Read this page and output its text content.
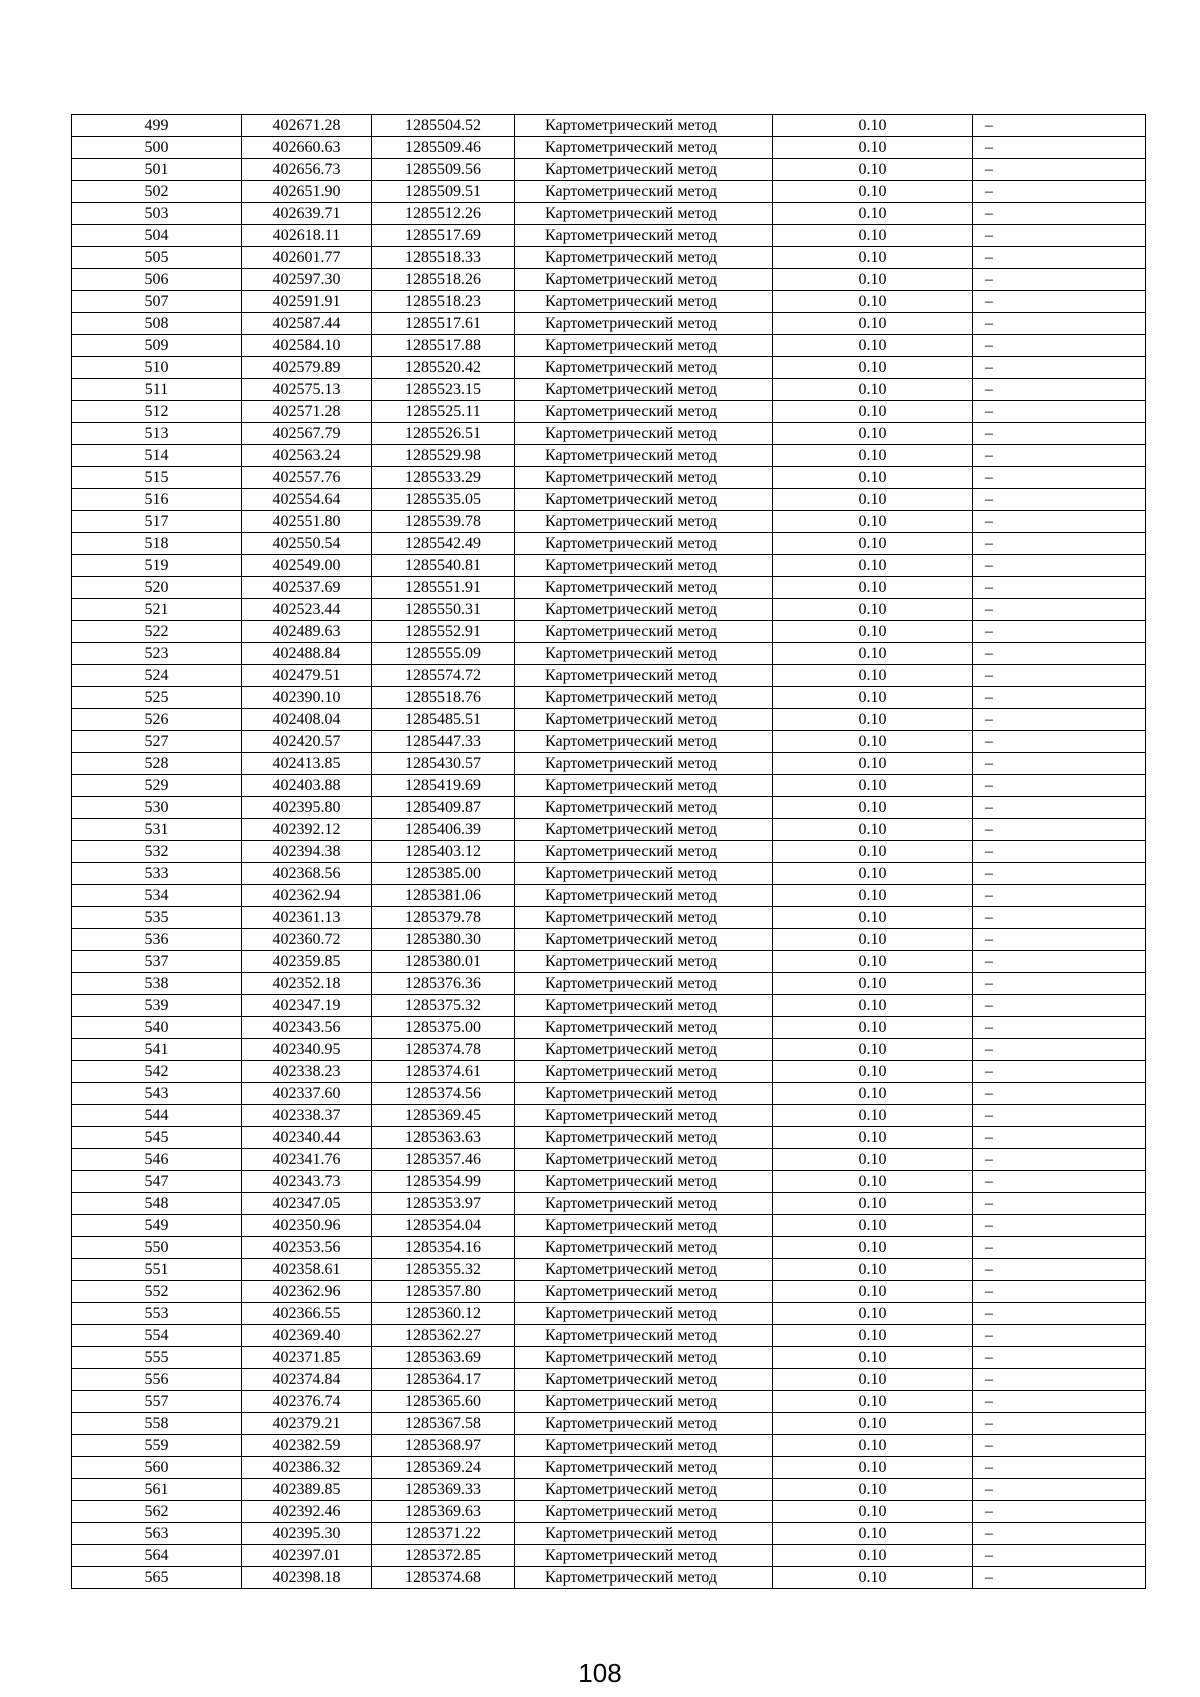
499	402671.28	1285504.52	Картометрический метод	0.10	–
500	402660.63	1285509.46	Картометрический метод	0.10	–
501	402656.73	1285509.56	Картометрический метод	0.10	–
502	402651.90	1285509.51	Картометрический метод	0.10	–
503	402639.71	1285512.26	Картометрический метод	0.10	–
504	402618.11	1285517.69	Картометрический метод	0.10	–
505	402601.77	1285518.33	Картометрический метод	0.10	–
506	402597.30	1285518.26	Картометрический метод	0.10	–
507	402591.91	1285518.23	Картометрический метод	0.10	–
508	402587.44	1285517.61	Картометрический метод	0.10	–
509	402584.10	1285517.88	Картометрический метод	0.10	–
510	402579.89	1285520.42	Картометрический метод	0.10	–
511	402575.13	1285523.15	Картометрический метод	0.10	–
512	402571.28	1285525.11	Картометрический метод	0.10	–
513	402567.79	1285526.51	Картометрический метод	0.10	–
514	402563.24	1285529.98	Картометрический метод	0.10	–
515	402557.76	1285533.29	Картометрический метод	0.10	–
516	402554.64	1285535.05	Картометрический метод	0.10	–
517	402551.80	1285539.78	Картометрический метод	0.10	–
518	402550.54	1285542.49	Картометрический метод	0.10	–
519	402549.00	1285540.81	Картометрический метод	0.10	–
520	402537.69	1285551.91	Картометрический метод	0.10	–
521	402523.44	1285550.31	Картометрический метод	0.10	–
522	402489.63	1285552.91	Картометрический метод	0.10	–
523	402488.84	1285555.09	Картометрический метод	0.10	–
524	402479.51	1285574.72	Картометрический метод	0.10	–
525	402390.10	1285518.76	Картометрический метод	0.10	–
526	402408.04	1285485.51	Картометрический метод	0.10	–
527	402420.57	1285447.33	Картометрический метод	0.10	–
528	402413.85	1285430.57	Картометрический метод	0.10	–
529	402403.88	1285419.69	Картометрический метод	0.10	–
530	402395.80	1285409.87	Картометрический метод	0.10	–
531	402392.12	1285406.39	Картометрический метод	0.10	–
532	402394.38	1285403.12	Картометрический метод	0.10	–
533	402368.56	1285385.00	Картометрический метод	0.10	–
534	402362.94	1285381.06	Картометрический метод	0.10	–
535	402361.13	1285379.78	Картометрический метод	0.10	–
536	402360.72	1285380.30	Картометрический метод	0.10	–
537	402359.85	1285380.01	Картометрический метод	0.10	–
538	402352.18	1285376.36	Картометрический метод	0.10	–
539	402347.19	1285375.32	Картометрический метод	0.10	–
540	402343.56	1285375.00	Картометрический метод	0.10	–
541	402340.95	1285374.78	Картометрический метод	0.10	–
542	402338.23	1285374.61	Картометрический метод	0.10	–
543	402337.60	1285374.56	Картометрический метод	0.10	–
544	402338.37	1285369.45	Картометрический метод	0.10	–
545	402340.44	1285363.63	Картометрический метод	0.10	–
546	402341.76	1285357.46	Картометрический метод	0.10	–
547	402343.73	1285354.99	Картометрический метод	0.10	–
548	402347.05	1285353.97	Картометрический метод	0.10	–
549	402350.96	1285354.04	Картометрический метод	0.10	–
550	402353.56	1285354.16	Картометрический метод	0.10	–
551	402358.61	1285355.32	Картометрический метод	0.10	–
552	402362.96	1285357.80	Картометрический метод	0.10	–
553	402366.55	1285360.12	Картометрический метод	0.10	–
554	402369.40	1285362.27	Картометрический метод	0.10	–
555	402371.85	1285363.69	Картометрический метод	0.10	–
556	402374.84	1285364.17	Картометрический метод	0.10	–
557	402376.74	1285365.60	Картометрический метод	0.10	–
558	402379.21	1285367.58	Картометрический метод	0.10	–
559	402382.59	1285368.97	Картометрический метод	0.10	–
560	402386.32	1285369.24	Картометрический метод	0.10	–
561	402389.85	1285369.33	Картометрический метод	0.10	–
562	402392.46	1285369.63	Картометрический метод	0.10	–
563	402395.30	1285371.22	Картометрический метод	0.10	–
564	402397.01	1285372.85	Картометрический метод	0.10	–
565	402398.18	1285374.68	Картометрический метод	0.10	–
108
